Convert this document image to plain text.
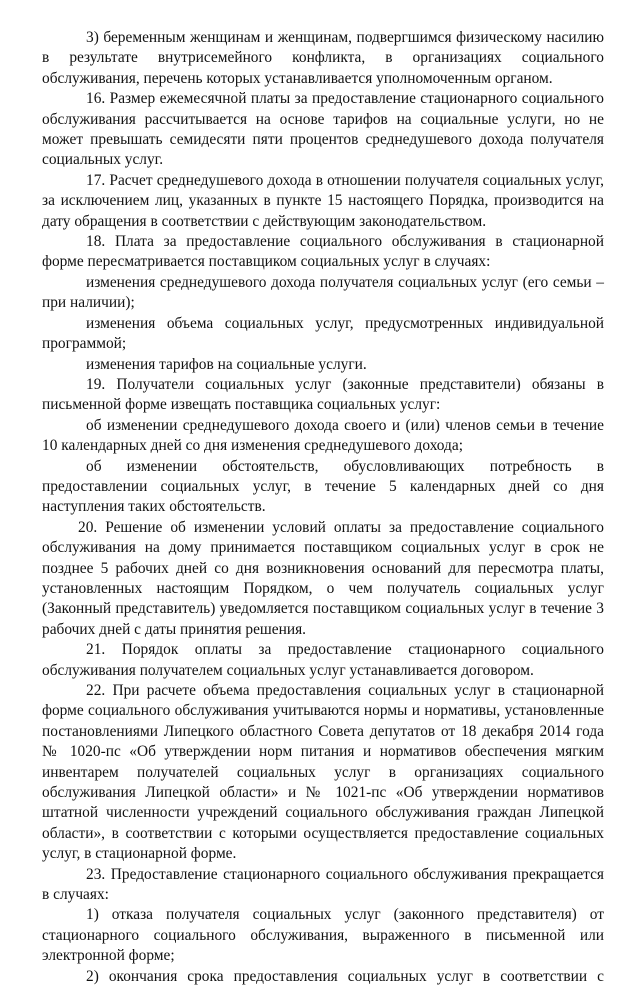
3) беременным женщинам и женщинам, подвергшимся физическому насилию в результате внутрисемейного конфликта, в организациях социального обслуживания, перечень которых устанавливается уполномоченным органом.

16. Размер ежемесячной платы за предоставление стационарного социального обслуживания рассчитывается на основе тарифов на социальные услуги, но не может превышать семидесяти пяти процентов среднедушевого дохода получателя социальных услуг.

17. Расчет среднедушевого дохода в отношении получателя социальных услуг, за исключением лиц, указанных в пункте 15 настоящего Порядка, производится на дату обращения в соответствии с действующим законодательством.

18. Плата за предоставление социального обслуживания в стационарной форме пересматривается поставщиком социальных услуг в случаях:

изменения среднедушевого дохода получателя социальных услуг (его семьи – при наличии);

изменения объема социальных услуг, предусмотренных индивидуальной программой;

изменения тарифов на социальные услуги.

19. Получатели социальных услуг (законные представители) обязаны в письменной форме извещать поставщика социальных услуг:

об изменении среднедушевого дохода своего и (или) членов семьи в течение 10 календарных дней со дня изменения среднедушевого дохода;

об изменении обстоятельств, обусловливающих потребность в предоставлении социальных услуг, в течение 5 календарных дней со дня наступления таких обстоятельств.

20. Решение об изменении условий оплаты за предоставление социального обслуживания на дому принимается поставщиком социальных услуг в срок не позднее 5 рабочих дней со дня возникновения оснований для пересмотра платы, установленных настоящим Порядком, о чем получатель социальных услуг (Законный представитель) уведомляется поставщиком социальных услуг в течение 3 рабочих дней с даты принятия решения.

21. Порядок оплаты за предоставление стационарного социального обслуживания получателем социальных услуг устанавливается договором.

22. При расчете объема предоставления социальных услуг в стационарной форме социального обслуживания учитываются нормы и нормативы, установленные постановлениями Липецкого областного Совета депутатов от 18 декабря 2014 года № 1020-пс «Об утверждении норм питания и нормативов обеспечения мягким инвентарем получателей социальных услуг в организациях социального обслуживания Липецкой области» и № 1021-пс «Об утверждении нормативов штатной численности учреждений социального обслуживания граждан Липецкой области», в соответствии с которыми осуществляется предоставление социальных услуг, в стационарной форме.

23. Предоставление стационарного социального обслуживания прекращается в случаях:

1) отказа получателя социальных услуг (законного представителя) от стационарного социального обслуживания, выраженного в письменной или электронной форме;

2) окончания срока предоставления социальных услуг в соответствии с
